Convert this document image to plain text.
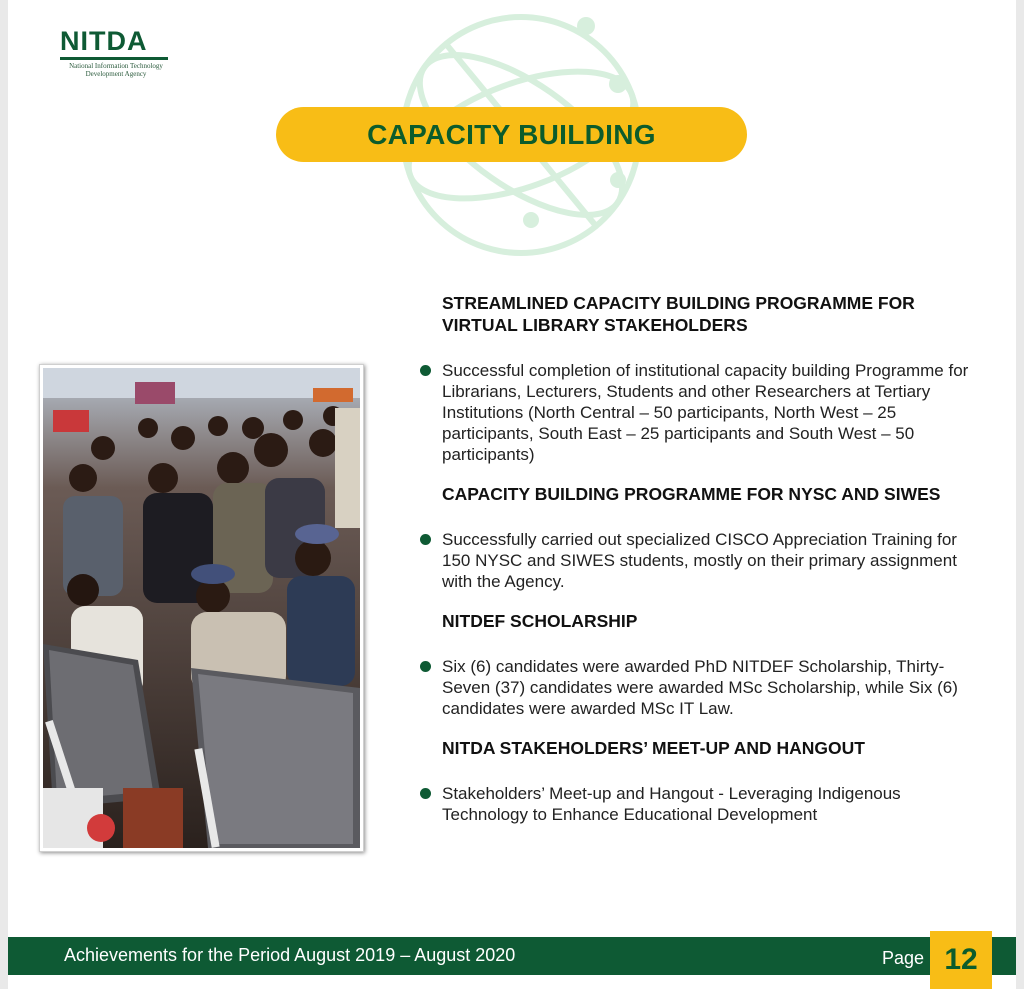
NITDA
National Information Technology
Development Agency
CAPACITY BUILDING
STREAMLINED CAPACITY BUILDING PROGRAMME FOR VIRTUAL LIBRARY STAKEHOLDERS
Successful completion of institutional capacity building Programme for Librarians, Lecturers, Students and other Researchers at Tertiary Institutions (North Central – 50 participants, North West – 25 participants, South East – 25 participants and South West – 50 participants)
CAPACITY BUILDING PROGRAMME FOR NYSC AND SIWES
Successfully carried out specialized CISCO Appreciation Training for 150 NYSC and SIWES students, mostly on their primary assignment with the Agency.
NITDEF SCHOLARSHIP
Six (6) candidates were awarded PhD NITDEF Scholarship, Thirty-Seven (37) candidates were awarded MSc Scholarship, while Six (6) candidates were awarded MSc IT Law.
NITDA STAKEHOLDERS’ MEET-UP AND HANGOUT
Stakeholders’ Meet-up and Hangout - Leveraging Indigenous Technology to Enhance Educational Development
Achievements for the Period August 2019 – August 2020	Page 12
